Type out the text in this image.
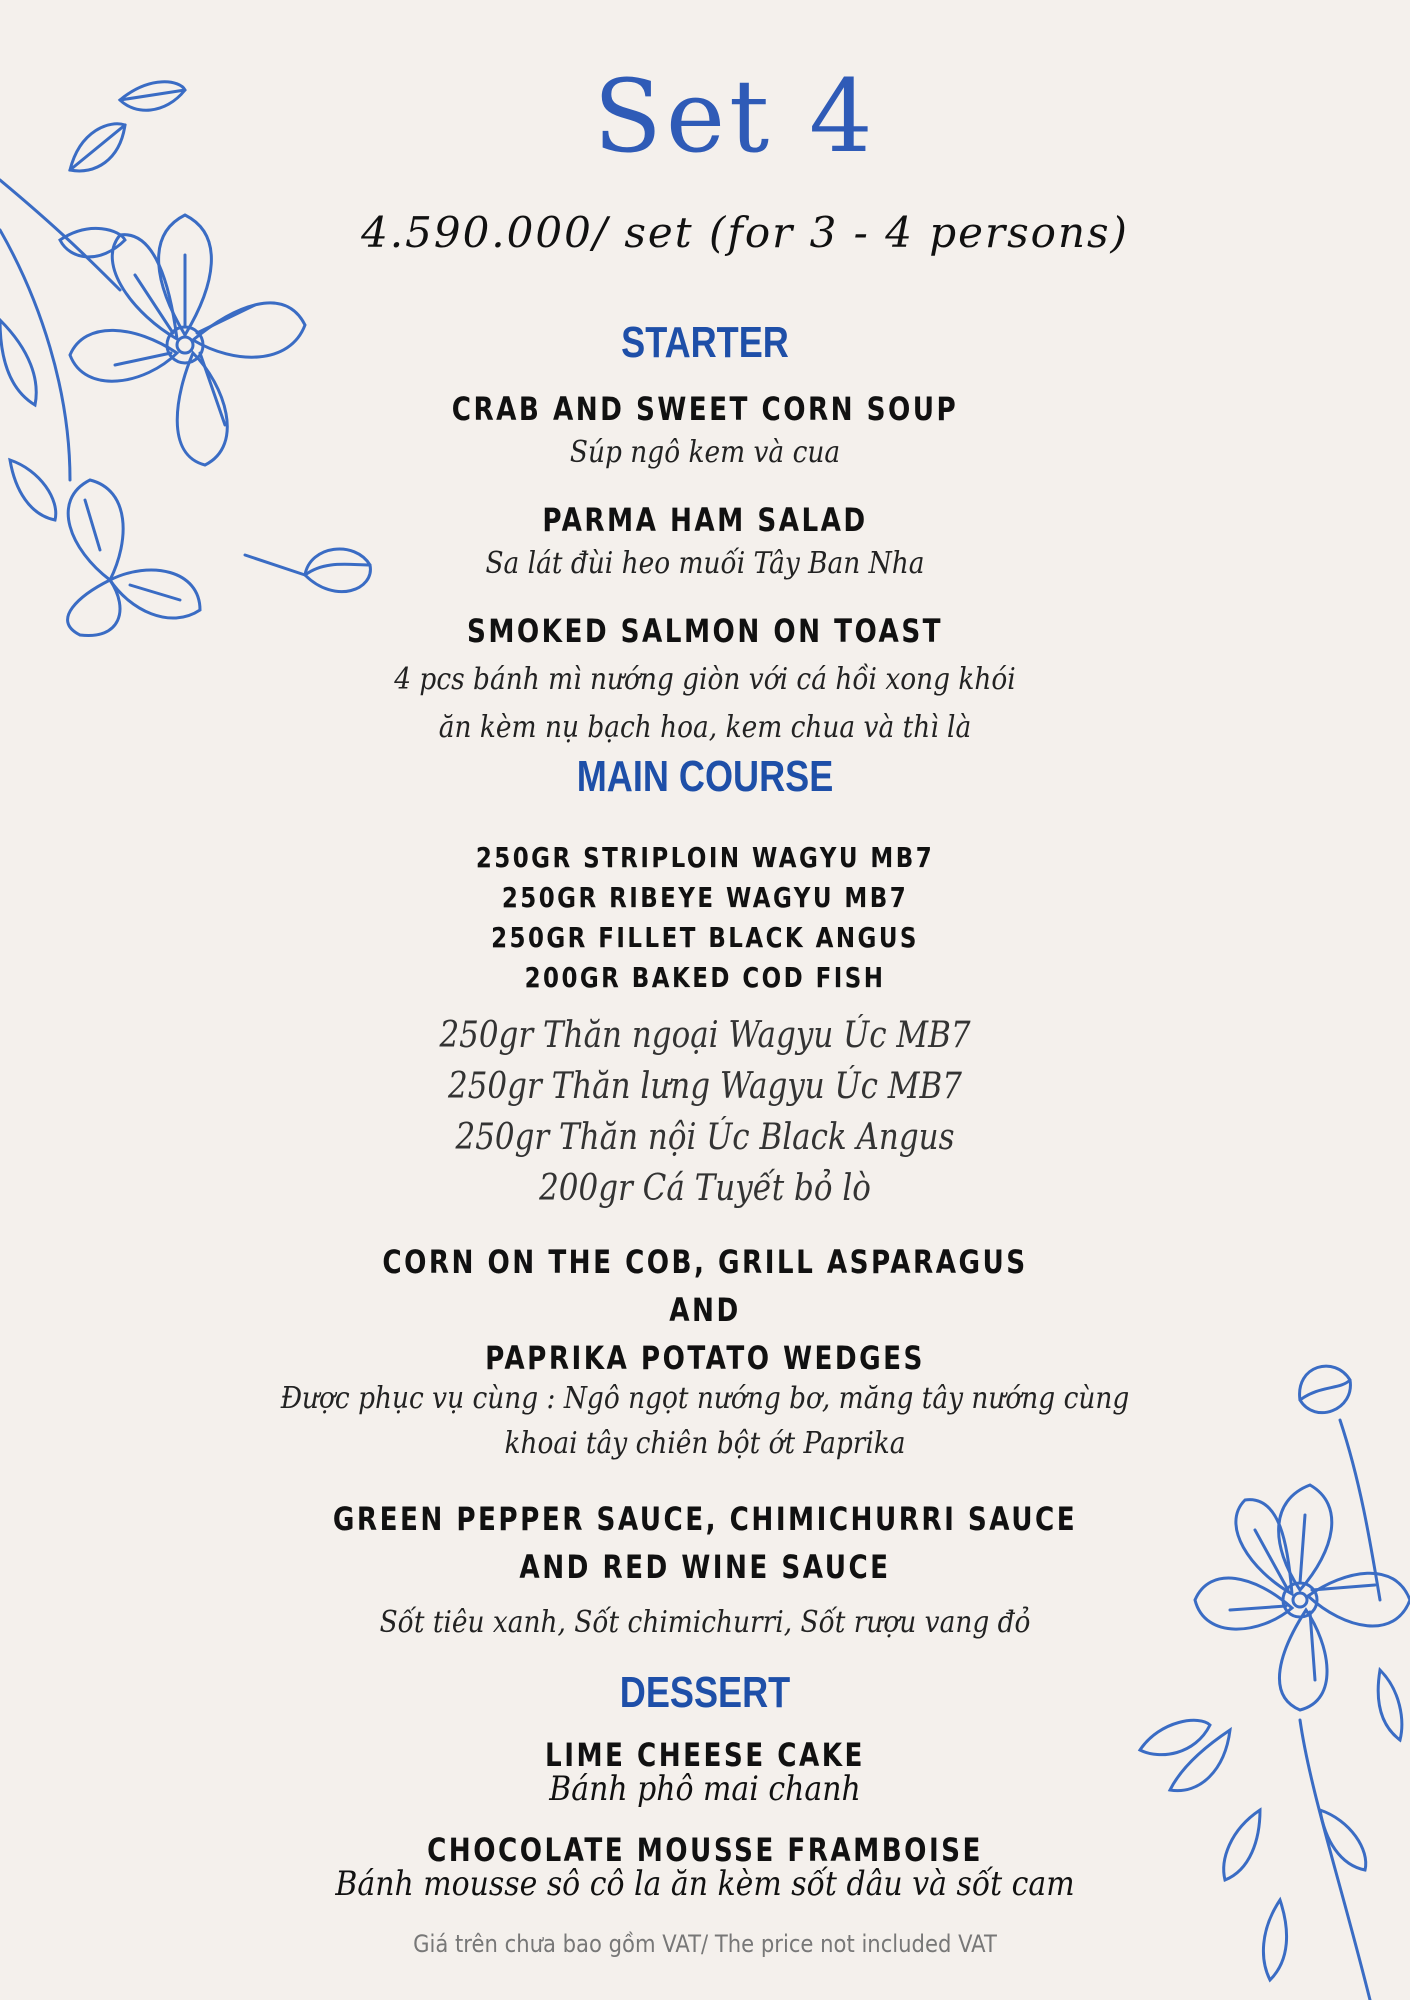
Set 4
4.590.000/ set (for 3 - 4 persons)
STARTER
CRAB AND SWEET CORN SOUP
Súp ngô kem và cua
PARMA HAM SALAD
Sa lát đùi heo muối Tây Ban Nha
SMOKED SALMON ON TOAST
4 pcs bánh mì nướng giòn với cá hồi xong khói
ăn kèm nụ bạch hoa, kem chua và thì là
MAIN COURSE
250GR STRIPLOIN WAGYU MB7
250GR RIBEYE WAGYU MB7
250GR FILLET BLACK ANGUS
200GR BAKED COD FISH
250gr Thăn ngoại Wagyu Úc MB7
250gr Thăn lưng Wagyu Úc MB7
250gr Thăn nội Úc Black Angus
200gr Cá Tuyết bỏ lò
CORN ON THE COB, GRILL ASPARAGUS
AND
PAPRIKA POTATO WEDGES
Được phục vụ cùng : Ngô ngọt nướng bơ, măng tây nướng cùng
khoai tây chiên bột ớt Paprika
GREEN PEPPER SAUCE, CHIMICHURRI SAUCE
AND RED WINE SAUCE
Sốt tiêu xanh, Sốt chimichurri, Sốt rượu vang đỏ
DESSERT
LIME CHEESE CAKE
Bánh phô mai chanh
CHOCOLATE MOUSSE FRAMBOISE
Bánh mousse sô cô la ăn kèm sốt dâu và sốt cam
Giá trên chưa bao gồm VAT/ The price not included VAT
